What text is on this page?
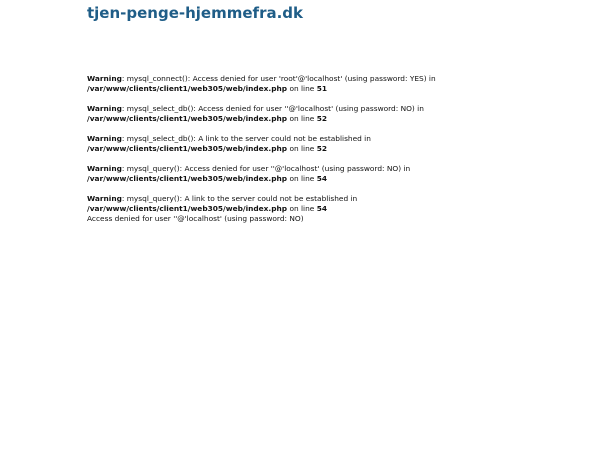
tjen-penge-hjemmefra.dk
Warning: mysql_connect(): Access denied for user 'root'@'localhost' (using password: YES) in
/var/www/clients/client1/web305/web/index.php on line 51
Warning: mysql_select_db(): Access denied for user ''@'localhost' (using password: NO) in
/var/www/clients/client1/web305/web/index.php on line 52
Warning: mysql_select_db(): A link to the server could not be established in
/var/www/clients/client1/web305/web/index.php on line 52
Warning: mysql_query(): Access denied for user ''@'localhost' (using password: NO) in
/var/www/clients/client1/web305/web/index.php on line 54
Warning: mysql_query(): A link to the server could not be established in
/var/www/clients/client1/web305/web/index.php on line 54
Access denied for user ''@'localhost' (using password: NO)
